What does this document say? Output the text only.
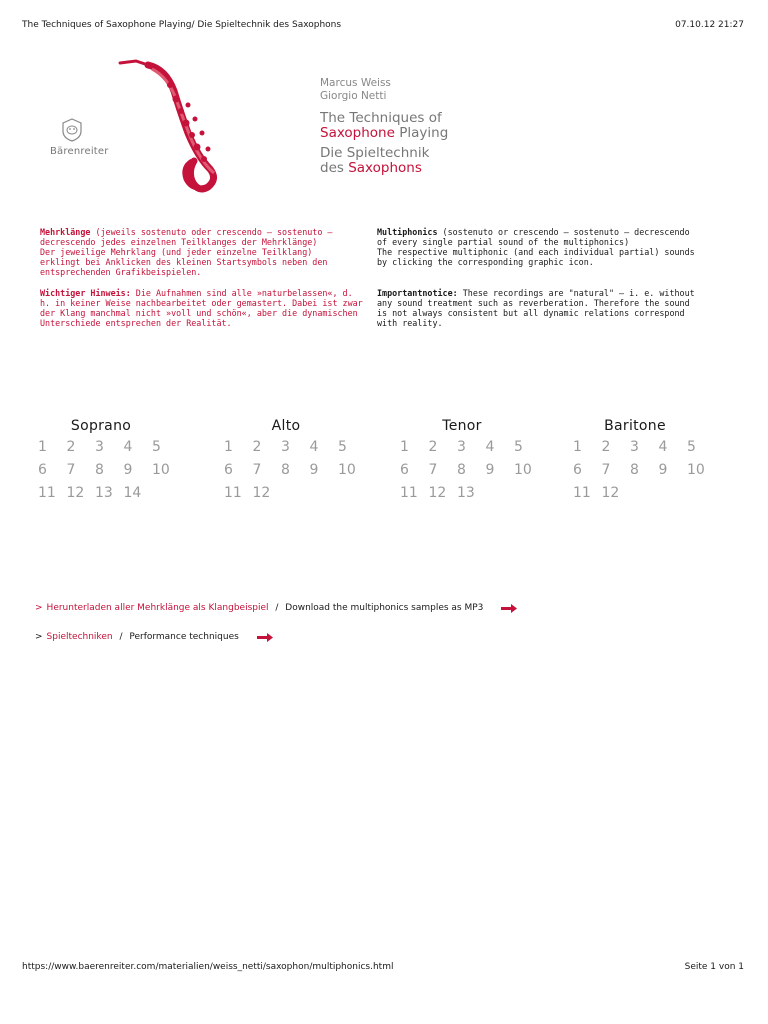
The Techniques of Saxophone Playing/ Die Spieltechnik des Saxophons	07.10.12 21:27
Bärenreiter
Marcus Weiss
Giorgio Netti
The Techniques of
Saxophone Playing
Die Spieltechnik
des Saxophons
Mehrklänge (jeweils sostenuto oder crescendo – sostenuto – decrescendo jedes einzelnen Teilklanges der Mehrklänge)
Der jeweilige Mehrklang (und jeder einzelne Teilklang) erklingt bei Anklicken des kleinen Startsymbols neben den entsprechenden Grafikbeispielen.
Wichtiger Hinweis: Die Aufnahmen sind alle »naturbelassen«, d. h. in keiner Weise nachbearbeitet oder gemastert. Dabei ist zwar der Klang manchmal nicht »voll und schön«, aber die dynamischen Unterschiede entsprechen der Realität.
Multiphonics (sostenuto or crescendo – sostenuto – decrescendo of every single partial sound of the multiphonics)
The respective multiphonic (and each individual partial) sounds by clicking the corresponding graphic icon.
Importantnotice: These recordings are "natural" – i. e. without any sound treatment such as reverberation. Therefore the sound is not always consistent but all dynamic relations correspond with reality.
Soprano
1	2	3	4	5
6	7	8	9	10
11 12 13 14
Alto
1	2	3	4	5
6	7	8	9	10
11 12
Tenor
1	2	3	4	5
6	7	8	9	10
11 12 13
Baritone
1	2	3	4	5
6	7	8	9	10
11 12
> Herunterladen aller Mehrklänge als Klangbeispiel / Download the multiphonics samples as MP3
> Spieltechniken / Performance techniques
https://www.baerenreiter.com/materialien/weiss_netti/saxophon/multiphonics.html	Seite 1 von 1
